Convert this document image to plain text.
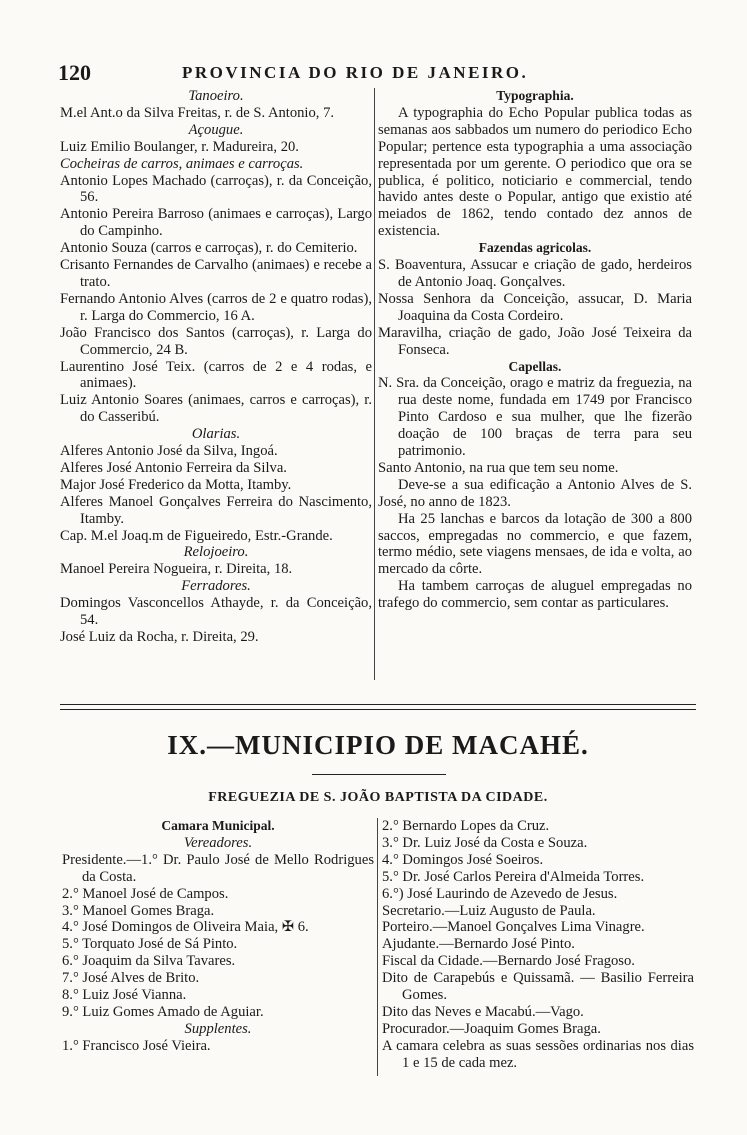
120	PROVINCIA DO RIO DE JANEIRO.

Tanoeiro.

M.el Ant.o da Silva Freitas, r. de S. Antonio, 7.

Açougue.

Luiz Emilio Boulanger, r. Madureira, 20.

Cocheiras de carros, animaes e carroças.

Antonio Lopes Machado (carroças), r. da Conceição, 56.

Antonio Pereira Barroso (animaes e carroças), Largo do Campinho.

Antonio Souza (carros e carroças), r. do Cemiterio.

Crisanto Fernandes de Carvalho (animaes) e recebe a trato.

Fernando Antonio Alves (carros de 2 e quatro rodas), r. Larga do Commercio, 16 A.

João Francisco dos Santos (carroças), r. Larga do Commercio, 24 B.

Laurentino José Teix. (carros de 2 e 4 rodas, e animaes).

Luiz Antonio Soares (animaes, carros e carroças), r. do Casseribú.

Olarias.

Alferes Antonio José da Silva, Ingoá.

Alferes José Antonio Ferreira da Silva.

Major José Frederico da Motta, Itamby.

Alferes Manoel Gonçalves Ferreira do Nascimento, Itamby.

Cap. M.el Joaq.m de Figueiredo, Estr.-Grande.

Relojoeiro.

Manoel Pereira Nogueira, r. Direita, 18.

Ferradores.

Domingos Vasconcellos Athayde, r. da Conceição, 54.

José Luiz da Rocha, r. Direita, 29.

Typographia.

A typographia do Echo Popular publica todas as semanas aos sabbados um numero do periodico Echo Popular; pertence esta typographia a uma associação representada por um gerente. O periodico que ora se publica, é politico, noticiario e commercial, tendo havido antes deste o Popular, antigo que existio até meiados de 1862, tendo contado dez annos de existencia.

Fazendas agricolas.

S. Boaventura, Assucar e criação de gado, herdeiros de Antonio Joaq. Gonçalves.

Nossa Senhora da Conceição, assucar, D. Maria Joaquina da Costa Cordeiro.

Maravilha, criação de gado, João José Teixeira da Fonseca.

Capellas.

N. Sra. da Conceição, orago e matriz da freguezia, na rua deste nome, fundada em 1749 por Francisco Pinto Cardoso e sua mulher, que lhe fizerão doação de 100 braças de terra para seu patrimonio.

Santo Antonio, na rua que tem seu nome.

Deve-se a sua edificação a Antonio Alves de S. José, no anno de 1823.

Ha 25 lanchas e barcos da lotação de 300 a 800 saccos, empregadas no commercio, e que fazem, termo médio, sete viagens mensaes, de ida e volta, ao mercado da côrte.

Ha tambem carroças de aluguel empregadas no trafego do commercio, sem contar as particulares.

IX.—MUNICIPIO DE MACAHÉ.
FREGUEZIA DE S. JOÃO BAPTISTA DA CIDADE.

Camara Municipal.

Vereadores.

Presidente.—1.° Dr. Paulo José de Mello Rodrigues da Costa.

2.° Manoel José de Campos.

3.° Manoel Gomes Braga.

4.° José Domingos de Oliveira Maia, ✠ 6.

5.° Torquato José de Sá Pinto.

6.° Joaquim da Silva Tavares.

7.° José Alves de Brito.

8.° Luiz José Vianna.

9.° Luiz Gomes Amado de Aguiar.

Supplentes.

1.° Francisco José Vieira.

2.° Bernardo Lopes da Cruz.

3.° Dr. Luiz José da Costa e Souza.

4.° Domingos José Soeiros.

5.° Dr. José Carlos Pereira d'Almeida Torres.

6.°) José Laurindo de Azevedo de Jesus.

Secretario.—Luiz Augusto de Paula.

Porteiro.—Manoel Gonçalves Lima Vinagre.

Ajudante.—Bernardo José Pinto.

Fiscal da Cidade.—Bernardo José Fragoso.

Dito de Carapebús e Quissamã. — Basilio Ferreira Gomes.

Dito das Neves e Macabú.—Vago.

Procurador.—Joaquim Gomes Braga.

A camara celebra as suas sessões ordinarias nos dias 1 e 15 de cada mez.
